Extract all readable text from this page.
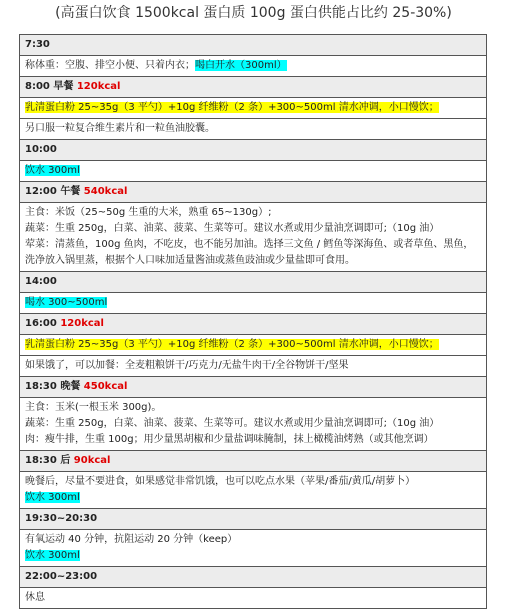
(高蛋白饮食 1500kcal 蛋白质 100g 蛋白供能占比约 25-30%)
7:30
称体重：空腹、排空小便、只着内衣；喝白开水（300ml）
8:00 早餐 120kcal
乳清蛋白粉 25~35g（3 平勺）+10g 纤维粉（2 条）+300~500ml 清水冲调，小口慢饮；
另口服一粒复合维生素片和一粒鱼油胶囊。
10:00
饮水 300ml
12:00 午餐 540kcal

主食：米饭（25~50g 生重的大米，熟重 65~130g）;
蔬菜：生重 250g，白菜、油菜、菠菜、生菜等可。建议水煮或用少量油烹调即可;（10g 油）
荤菜：清蒸鱼，100g 鱼肉，不吃皮，也不能另加油。选择三文鱼 / 鳕鱼等深海鱼、或者草鱼、黑鱼，洗净放入锅里蒸，根据个人口味加适量酱油或蒸鱼豉油或少量盐即可食用。

14:00
喝水 300~500ml
16:00 120kcal
乳清蛋白粉 25~35g（3 平勺）+10g 纤维粉（2 条）+300~500ml 清水冲调，小口慢饮；
如果饿了，可以加餐：全麦粗粮饼干/巧克力/无盐牛肉干/全谷物饼干/坚果
18:30 晚餐 450kcal

主食：玉米(一根玉米 300g)。
蔬菜：生重 250g，白菜、油菜、菠菜、生菜等可。建议水煮或用少量油烹调即可;（10g 油）
肉：瘦牛排，生重 100g；用少量黑胡椒和少量盐调味腌制，抹上橄榄油烤熟（或其他烹调）

18:30 后 90kcal

晚餐后，尽量不要进食，如果感觉非常饥饿，也可以吃点水果（苹果/番茄/黄瓜/胡萝卜）
饮水 300ml
19:30~20:30

有氧运动 40 分钟，抗阻运动 20 分钟（keep）
饮水 300ml
22:00~23:00
休息
